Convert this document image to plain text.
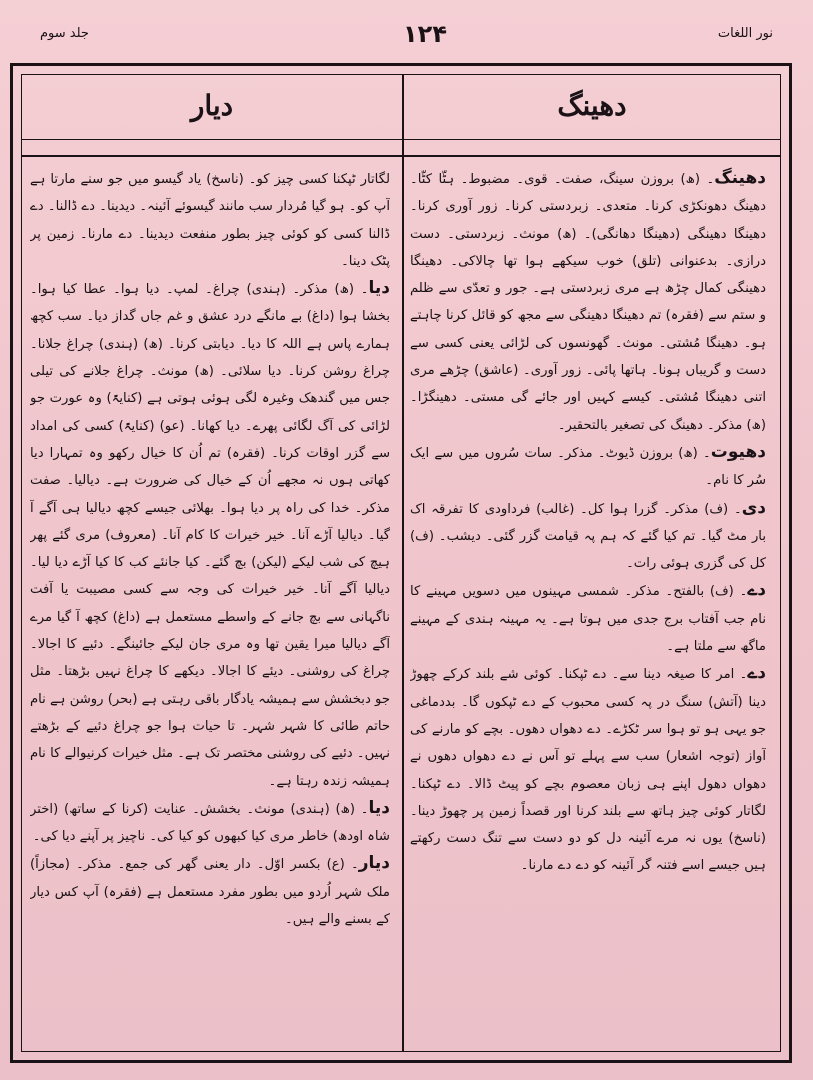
جلد سوم	۱۲۴	نور اللغات
دیار	دھینگ

دھینگ۔ (ھ) بروزن سینگ، صفت۔ قوی۔ مضبوط۔ ہٹّا کٹّا۔ دھینگ دھونکڑی کرنا۔ متعدی۔ زبردستی کرنا۔ زور آوری کرنا۔ دھینگا دھینگی (دھینگا دھانگی)۔ (ھ) مونث۔ زبردستی۔ دست درازی۔ بدعنوانی (تلق) خوب سیکھے ہوا تھا چالاکی۔ دھینگا دھینگی کمال چڑھ ہے مری زبردستی ہے۔ جور و تعدّی سے ظلم و ستم سے (فقرہ) تم دھینگا دھینگی سے مجھ کو قائل کرنا چاہتے ہو۔ دھینگا مُشتی۔ مونث۔ گھونسوں کی لڑائی یعنی کسی سے دست و گریباں ہونا۔ ہاتھا پائی۔ زور آوری۔ (عاشق) چڑھے مری اتنی دھینگا مُشتی۔ کیسے کہیں اور جائے گی مستی۔ دھینگڑا۔ (ھ) مذکر۔ دھینگ کی تصغیر بالتحقیر۔

دھیوت۔ (ھ) بروزن ڈیوٹ۔ مذکر۔ سات سُروں میں سے ایک سُر کا نام۔

دی۔ (ف) مذکر۔ گزرا ہوا کل۔ (غالب) فرداودی کا تفرقہ اک بار مٹ گیا۔ تم کیا گئے کہ ہم پہ قیامت گزر گئی۔ دیشب۔ (ف) کل کی گزری ہوئی رات۔

دے۔ (ف) بالفتح۔ مذکر۔ شمسی مہینوں میں دسویں مہینے کا نام جب آفتاب برج جدی میں ہوتا ہے۔ یہ مہینہ ہندی کے مہینے ماگھ سے ملتا ہے۔

دے۔ امر کا صیغہ دینا سے۔ دے ٹپکنا۔ کوئی شے بلند کرکے چھوڑ دینا (آتش) سنگ در پہ کسی محبوب کے دے ٹپکوں گا۔ بددماغی جو یہی ہو تو ہوا سر ٹکڑے۔ دے دھواں دھوں۔ بچے کو مارنے کی آواز (توجہ اشعار) سب سے پہلے تو آس نے دے دھواں دھوں نے دھواں دھول اپنے ہی زبان معصوم بچے کو پیٹ ڈالا۔ دے ٹپکنا۔ لگاتار کوئی چیز ہاتھ سے بلند کرنا اور قصداً زمین پر چھوڑ دینا۔ (ناسخ) یوں نہ مرے آئینہ دل کو دو دست سے تنگ دست رکھتے ہیں جیسے اسے فتنہ گر آئینہ کو دے دے مارنا۔

لگاتار ٹپکنا کسی چیز کو۔ (ناسخ) یاد گیسو میں جو سنے مارتا ہے آپ کو۔ ہو گیا مُردار سب مانند گیسوئے آئینہ۔ دیدینا۔ دے ڈالنا۔ دے ڈالنا کسی کو کوئی چیز بطور منفعت دیدینا۔ دے مارنا۔ زمین پر پٹک دینا۔

دیا۔ (ھ) مذکر۔ (ہندی) چراغ۔ لمپ۔ دیا ہوا۔ عطا کیا ہوا۔ بخشا ہوا (داغ) بے مانگے درد عشق و غم جاں گداز دیا۔ سب کچھ ہمارے پاس ہے اللہ کا دیا۔ دیابتی کرنا۔ (ھ) (ہندی) چراغ جلانا۔ چراغ روشن کرنا۔ دیا سلائی۔ (ھ) مونث۔ چراغ جلانے کی تیلی جس میں گندھک وغیرہ لگی ہوئی ہوتی ہے (کنایۃً) وہ عورت جو لڑائی کی آگ لگائی پھرے۔ دیا کھانا۔ (عو) (کنایۃً) کسی کی امداد سے گزر اوقات کرنا۔ (فقرہ) تم اُن کا خیال رکھو وہ تمہارا دیا کھاتی ہوں نہ مجھے اُن کے خیال کی ضرورت ہے۔ دیالیا۔ صفت مذکر۔ خدا کی راہ پر دیا ہوا۔ بھلائی جیسے کچھ دیالیا ہی آگے آ گیا۔ دیالیا آڑے آنا۔ خیر خیرات کا کام آنا۔ (معروف) مری گئے پھر ہیچ کی شب لیکے (لیکن) بچ گئے۔ کیا جانئے کب کا کیا آڑے دیا لیا۔ دیالیا آگے آنا۔ خیر خیرات کی وجہ سے کسی مصیبت یا آفت ناگہانی سے بچ جانے کے واسطے مستعمل ہے (داغ) کچھ آ گیا مرے آگے دیالیا میرا یقین تھا وہ مری جان لیکے جائینگے۔ دئیے کا اجالا۔ چراغ کی روشنی۔ دیئے کا اجالا۔ دیکھے کا چراغ نہیں بڑھتا۔ مثل جو دبخشش سے ہمیشہ یادگار باقی رہتی ہے (بحر) روشن ہے نام حاتم طائی کا شہر شہر۔ تا حیات ہوا جو چراغ دئیے کے بڑھتے نہیں۔ دئیے کی روشنی مختصر تک ہے۔ مثل خیرات کرنیوالے کا نام ہمیشہ زندہ رہتا ہے۔

دیا۔ (ھ) (ہندی) مونث۔ بخشش۔ عنایت (کرنا کے ساتھ) (اختر شاہ اودھ) خاطر مری کیا کبھوں کو کیا کی۔ ناچیز پر آپنے دیا کی۔

دیار۔ (ع) بکسر اوّل۔ دار یعنی گھر کی جمع۔ مذکر۔ (مجازاً) ملک شہر اُردو میں بطور مفرد مستعمل ہے (فقرہ) آپ کس دیار کے بسنے والے ہیں۔
